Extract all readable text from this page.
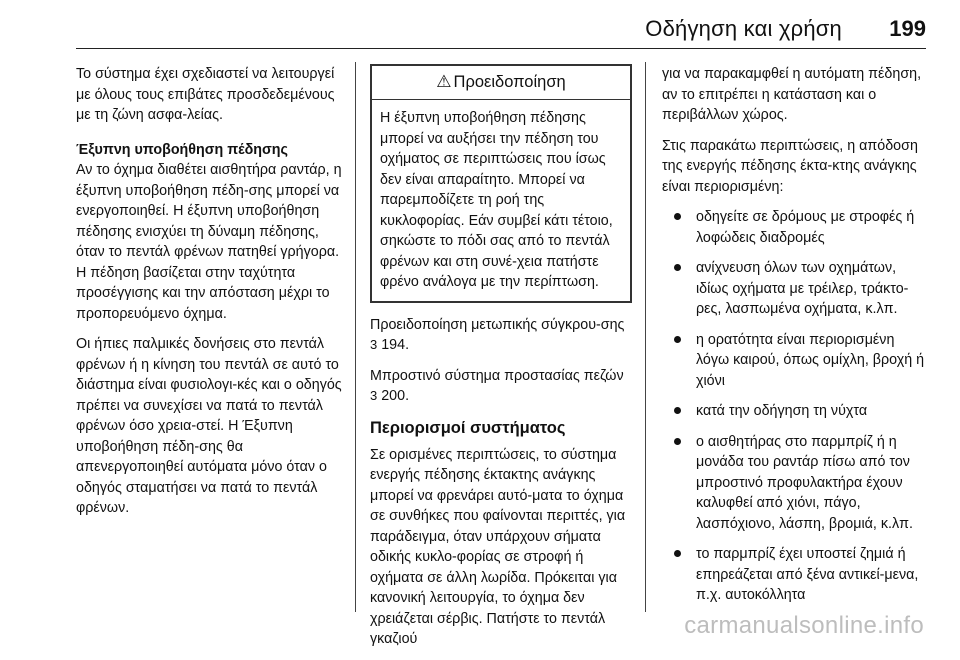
Οδήγηση και χρήση 199

Το σύστημα έχει σχεδιαστεί να λειτουργεί με όλους τους επιβάτες προσδεδεμένους με τη ζώνη ασφα-λείας.

Έξυπνη υποβοήθηση πέδησης

Αν το όχημα διαθέτει αισθητήρα ραντάρ, η έξυπνη υποβοήθηση πέδη-σης μπορεί να ενεργοποιηθεί. Η έξυπνη υποβοήθηση πέδησης ενισχύει τη δύναμη πέδησης, όταν το πεντάλ φρένων πατηθεί γρήγορα. Η πέδηση βασίζεται στην ταχύτητα προσέγγισης και την απόσταση μέχρι το προπορευόμενο όχημα.

Οι ήπιες παλμικές δονήσεις στο πεντάλ φρένων ή η κίνηση του πεντάλ σε αυτό το διάστημα είναι φυσιολογι-κές και ο οδηγός πρέπει να συνεχίσει να πατά το πεντάλ φρένων όσο χρεια-στεί. Η Έξυπνη υποβοήθηση πέδη-σης θα απενεργοποιηθεί αυτόματα μόνο όταν ο οδηγός σταματήσει να πατά το πεντάλ φρένων.

⚠ Προειδοποίηση

Η έξυπνη υποβοήθηση πέδησης μπορεί να αυξήσει την πέδηση του οχήματος σε περιπτώσεις που ίσως δεν είναι απαραίτητο. Μπορεί να παρεμποδίζετε τη ροή της κυκλοφορίας. Εάν συμβεί κάτι τέτοιο, σηκώστε το πόδι σας από το πεντάλ φρένων και στη συνέ-χεια πατήστε φρένο ανάλογα με την περίπτωση.

Προειδοποίηση μετωπικής σύγκρου-σης 3 194.

Μπροστινό σύστημα προστασίας πεζών 3 200.

Περιορισμοί συστήματος

Σε ορισμένες περιπτώσεις, το σύστημα ενεργής πέδησης έκτακτης ανάγκης μπορεί να φρενάρει αυτό-ματα το όχημα σε συνθήκες που φαίνονται περιττές, για παράδειγμα, όταν υπάρχουν σήματα οδικής κυκλο-φορίας σε στροφή ή οχήματα σε άλλη λωρίδα. Πρόκειται για κανονική λειτουργία, το όχημα δεν χρειάζεται σέρβις. Πατήστε το πεντάλ γκαζιού

για να παρακαμφθεί η αυτόματη πέδηση, αν το επιτρέπει η κατάσταση και ο περιβάλλων χώρος.

Στις παρακάτω περιπτώσεις, η απόδοση της ενεργής πέδησης έκτα-κτης ανάγκης είναι περιορισμένη:

οδηγείτε σε δρόμους με στροφές ή λοφώδεις διαδρομές
ανίχνευση όλων των οχημάτων, ιδίως οχήματα με τρέιλερ, τράκτο-ρες, λασπωμένα οχήματα, κ.λπ.
η ορατότητα είναι περιορισμένη λόγω καιρού, όπως ομίχλη, βροχή ή χιόνι
κατά την οδήγηση τη νύχτα
ο αισθητήρας στο παρμπρίζ ή η μονάδα του ραντάρ πίσω από τον μπροστινό προφυλακτήρα έχουν καλυφθεί από χιόνι, πάγο, λασπόχιονο, λάσπη, βρομιά, κ.λπ.
το παρμπρίζ έχει υποστεί ζημιά ή επηρεάζεται από ξένα αντικεί-μενα, π.χ. αυτοκόλλητα
carmanualsonline.info
